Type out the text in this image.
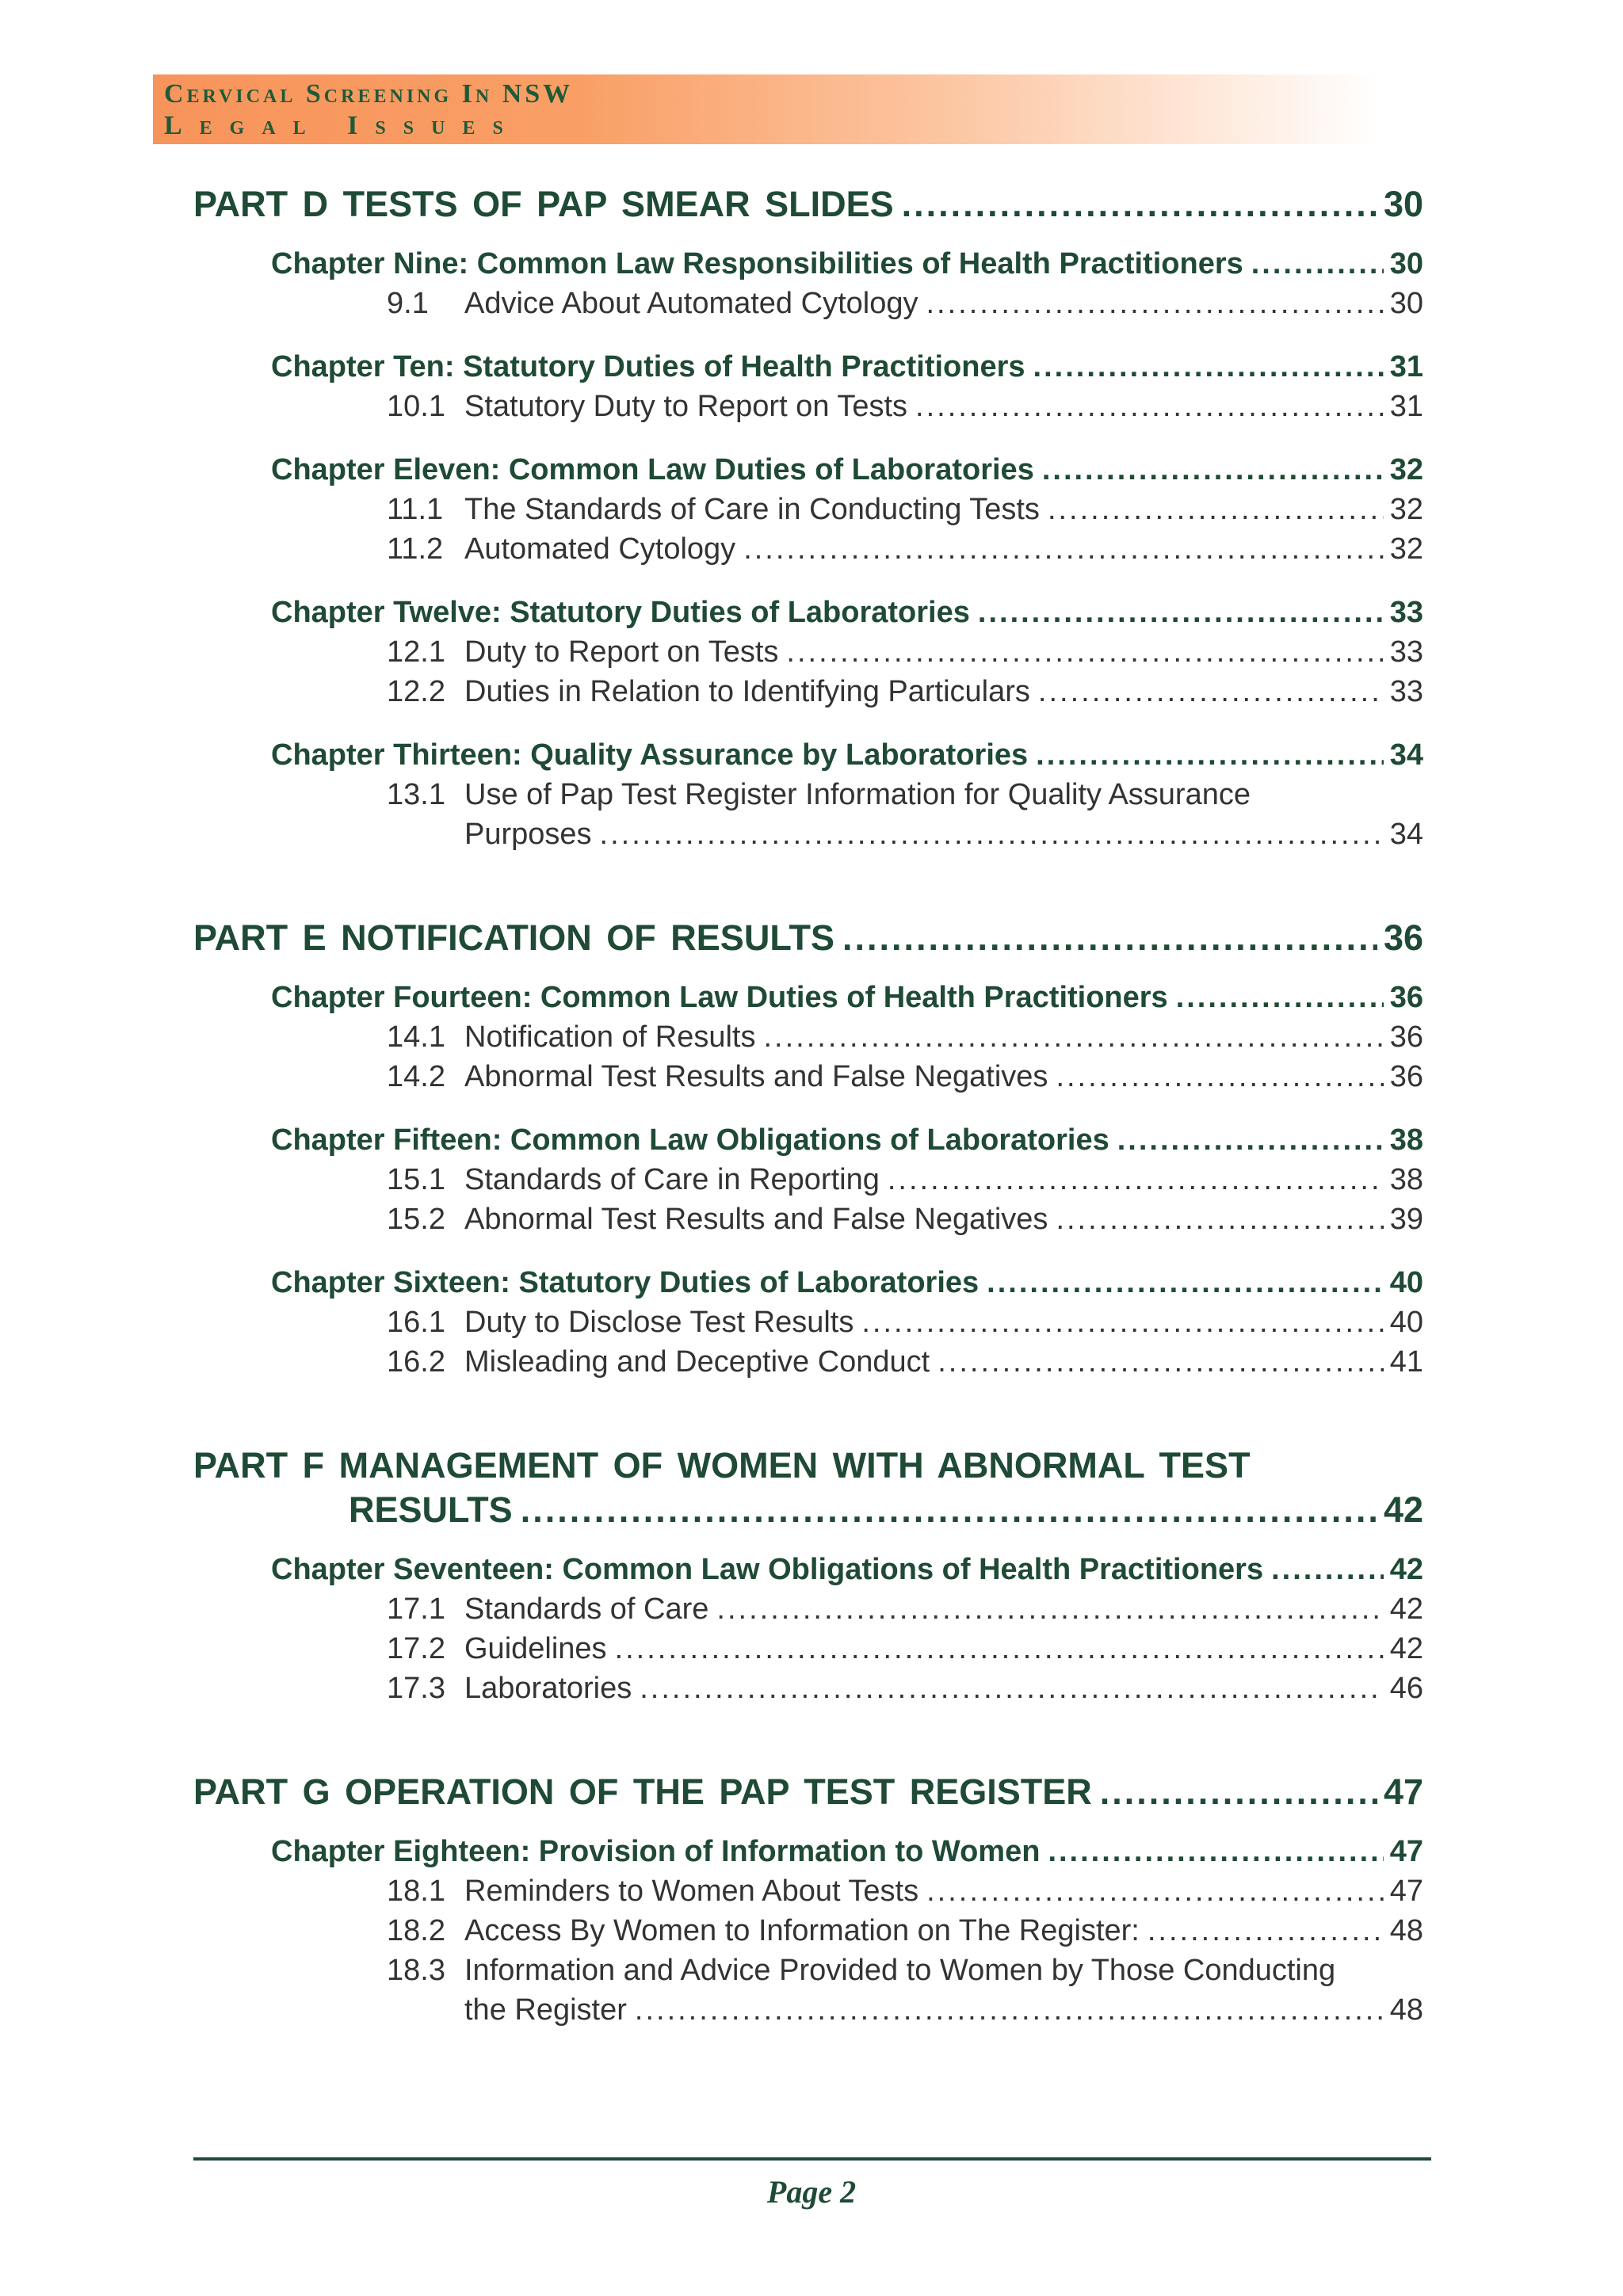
Cervical Screening In NSW
Legal Issues
PART D TESTS OF PAP SMEAR SLIDES .....	30
Chapter Nine: Common Law Responsibilities of Health Practitioners .....	30
9.1	Advice About Automated Cytology .....	30
Chapter Ten: Statutory Duties of Health Practitioners .....	31
10.1 Statutory Duty to Report on Tests .....	31
Chapter Eleven: Common Law Duties of Laboratories .....	32
11.1 The Standards of Care in Conducting Tests .....	32
11.2 Automated Cytology .....	32
Chapter Twelve: Statutory Duties of Laboratories .....	33
12.1 Duty to Report on Tests .....	33
12.2 Duties in Relation to Identifying Particulars .....	33
Chapter Thirteen: Quality Assurance by Laboratories .....	34
13.1 Use of Pap Test Register Information for Quality Assurance
Purposes .....	34
PART E NOTIFICATION OF RESULTS .....	36
Chapter Fourteen: Common Law Duties of Health Practitioners .....	36
14.1 Notification of Results .....	36
14.2 Abnormal Test Results and False Negatives .....	36
Chapter Fifteen: Common Law Obligations of Laboratories .....	38
15.1 Standards of Care in Reporting .....	38
15.2 Abnormal Test Results and False Negatives .....	39
Chapter Sixteen: Statutory Duties of Laboratories .....	40
16.1 Duty to Disclose Test Results .....	40
16.2 Misleading and Deceptive Conduct .....	41
PART F MANAGEMENT OF WOMEN WITH ABNORMAL TEST
RESULTS .....	42
Chapter Seventeen: Common Law Obligations of Health Practitioners .....	42
17.1 Standards of Care .....	42
17.2 Guidelines .....	42
17.3 Laboratories .....	46
PART G OPERATION OF THE PAP TEST REGISTER .....	47
Chapter Eighteen: Provision of Information to Women .....	47
18.1 Reminders to Women About Tests .....	47
18.2 Access By Women to Information on The Register: .....	48
18.3 Information and Advice Provided to Women by Those Conducting
the Register .....	48
Page 2
